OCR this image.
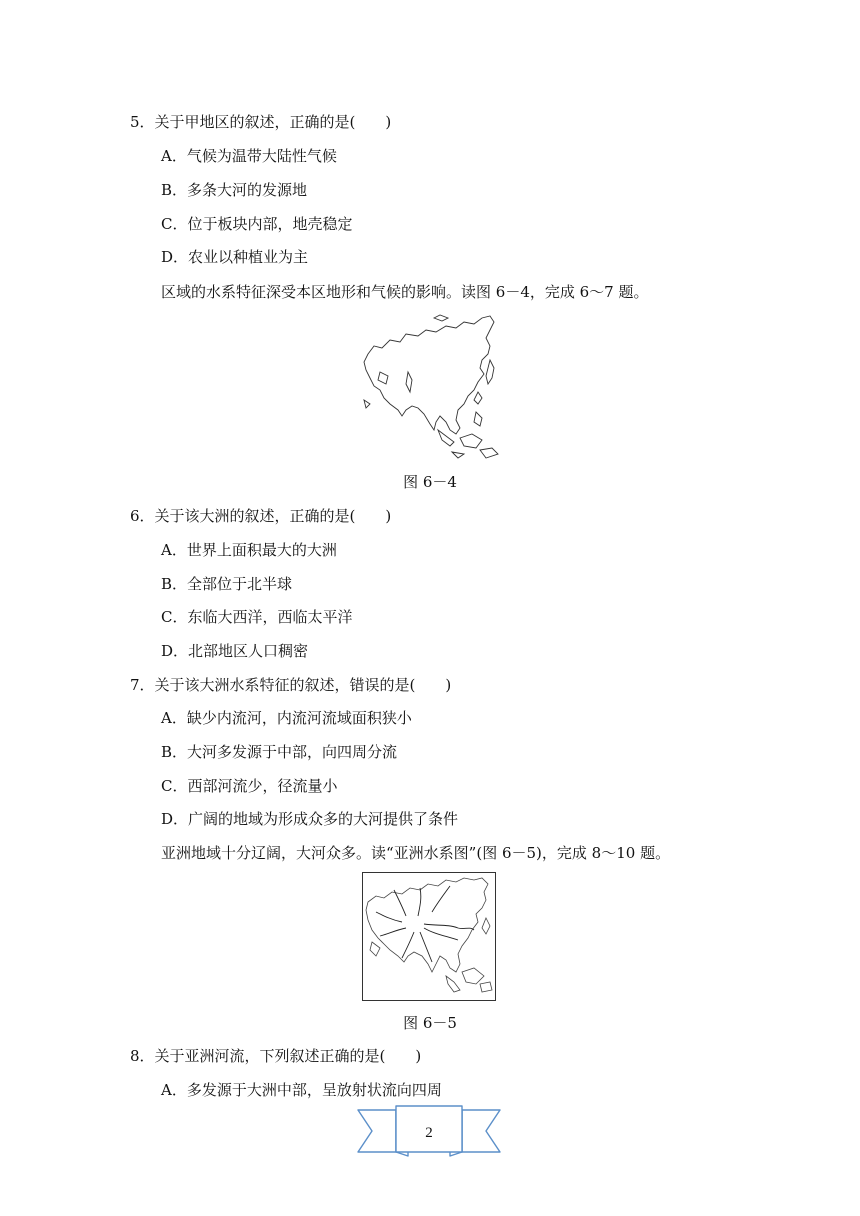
5．关于甲地区的叙述，正确的是(　　)
A．气候为温带大陆性气候
B．多条大河的发源地
C．位于板块内部，地壳稳定
D．农业以种植业为主
区域的水系特征深受本区地形和气候的影响。读图 6－4，完成 6～7 题。
图 6－4
6．关于该大洲的叙述，正确的是(　　)
A．世界上面积最大的大洲
B．全部位于北半球
C．东临大西洋，西临太平洋
D．北部地区人口稠密
7．关于该大洲水系特征的叙述，错误的是(　　)
A．缺少内流河，内流河流域面积狭小
B．大河多发源于中部，向四周分流
C．西部河流少，径流量小
D．广阔的地域为形成众多的大河提供了条件
亚洲地域十分辽阔，大河众多。读“亚洲水系图”(图 6－5)，完成 8～10 题。
图 6－5
8．关于亚洲河流，下列叙述正确的是(　　)
A．多发源于大洲中部，呈放射状流向四周
2
